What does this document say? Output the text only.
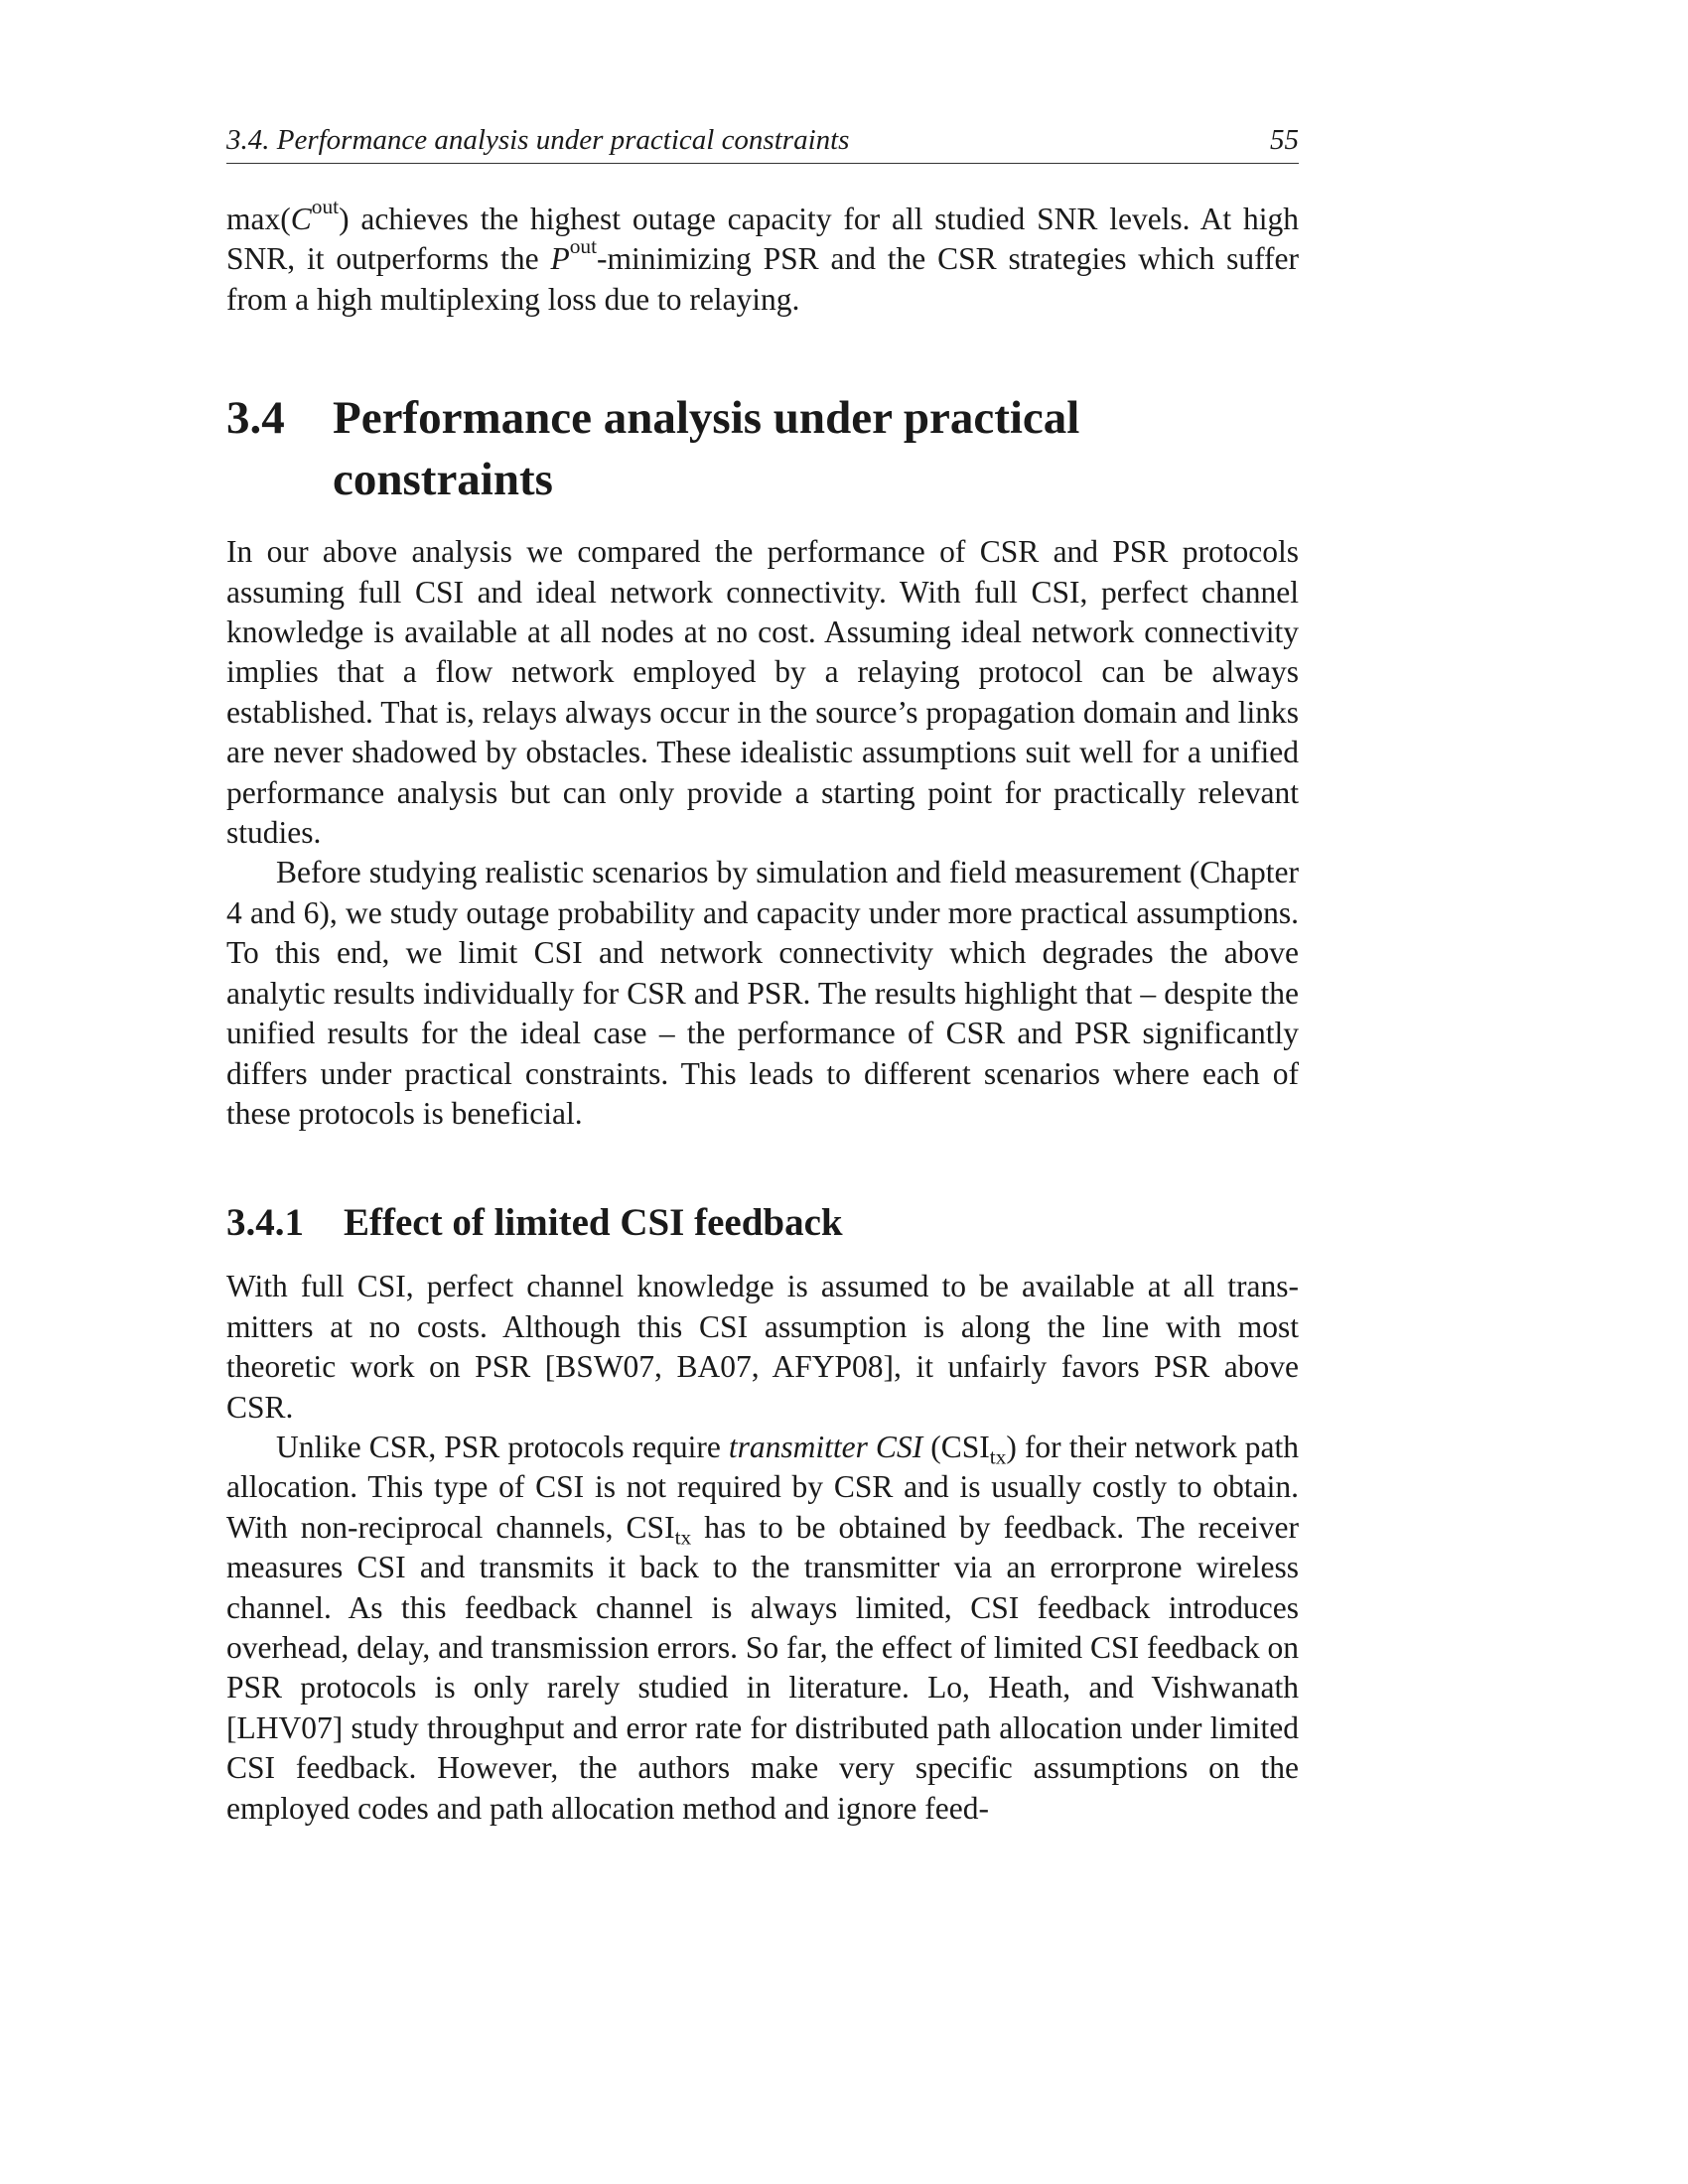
3.4. Performance analysis under practical constraints	55

$\max(C^{out})$ achieves the highest outage capacity for all studied SNR levels. At high SNR, it outperforms the $P^{out}$-minimizing PSR and the CSR strategies which suffer from a high multiplexing loss due to relaying.

3.4	Performance analysis under practical constraints

In our above analysis we compared the performance of CSR and PSR protocols assuming full CSI and ideal network connectivity. With full CSI, perfect channel knowledge is available at all nodes at no cost. Assuming ideal network connectivity implies that a flow network employed by a relaying protocol can be always established. That is, relays always occur in the source’s propagation domain and links are never shadowed by obstacles. These idealistic assumptions suit well for a unified performance analysis but can only provide a starting point for practically relevant studies.

Before studying realistic scenarios by simulation and field measurement (Chapter 4 and 6), we study outage probability and capacity under more practical assumptions. To this end, we limit CSI and network connectivity which degrades the above analytic results individually for CSR and PSR. The results highlight that – despite the unified results for the ideal case – the performance of CSR and PSR significantly differs under practical constraints. This leads to different scenarios where each of these protocols is beneficial.

3.4.1	Effect of limited CSI feedback

With full CSI, perfect channel knowledge is assumed to be available at all transmitters at no costs. Although this CSI assumption is along the line with most theoretic work on PSR [BSW07, BA07, AFYP08], it unfairly favors PSR above CSR.

Unlike CSR, PSR protocols require transmitter CSI $(CSI_{tx})$ for their network path allocation. This type of CSI is not required by CSR and is usually costly to obtain. With non-reciprocal channels, $CSI_{tx}$ has to be obtained by feedback. The receiver measures CSI and transmits it back to the transmitter via an errorprone wireless channel. As this feedback channel is always limited, CSI feedback introduces overhead, delay, and transmission errors. So far, the effect of limited CSI feedback on PSR protocols is only rarely studied in literature. Lo, Heath, and Vishwanath [LHV07] study throughput and error rate for distributed path allocation under limited CSI feedback. However, the authors make very specific assumptions on the employed codes and path allocation method and ignore feed-
